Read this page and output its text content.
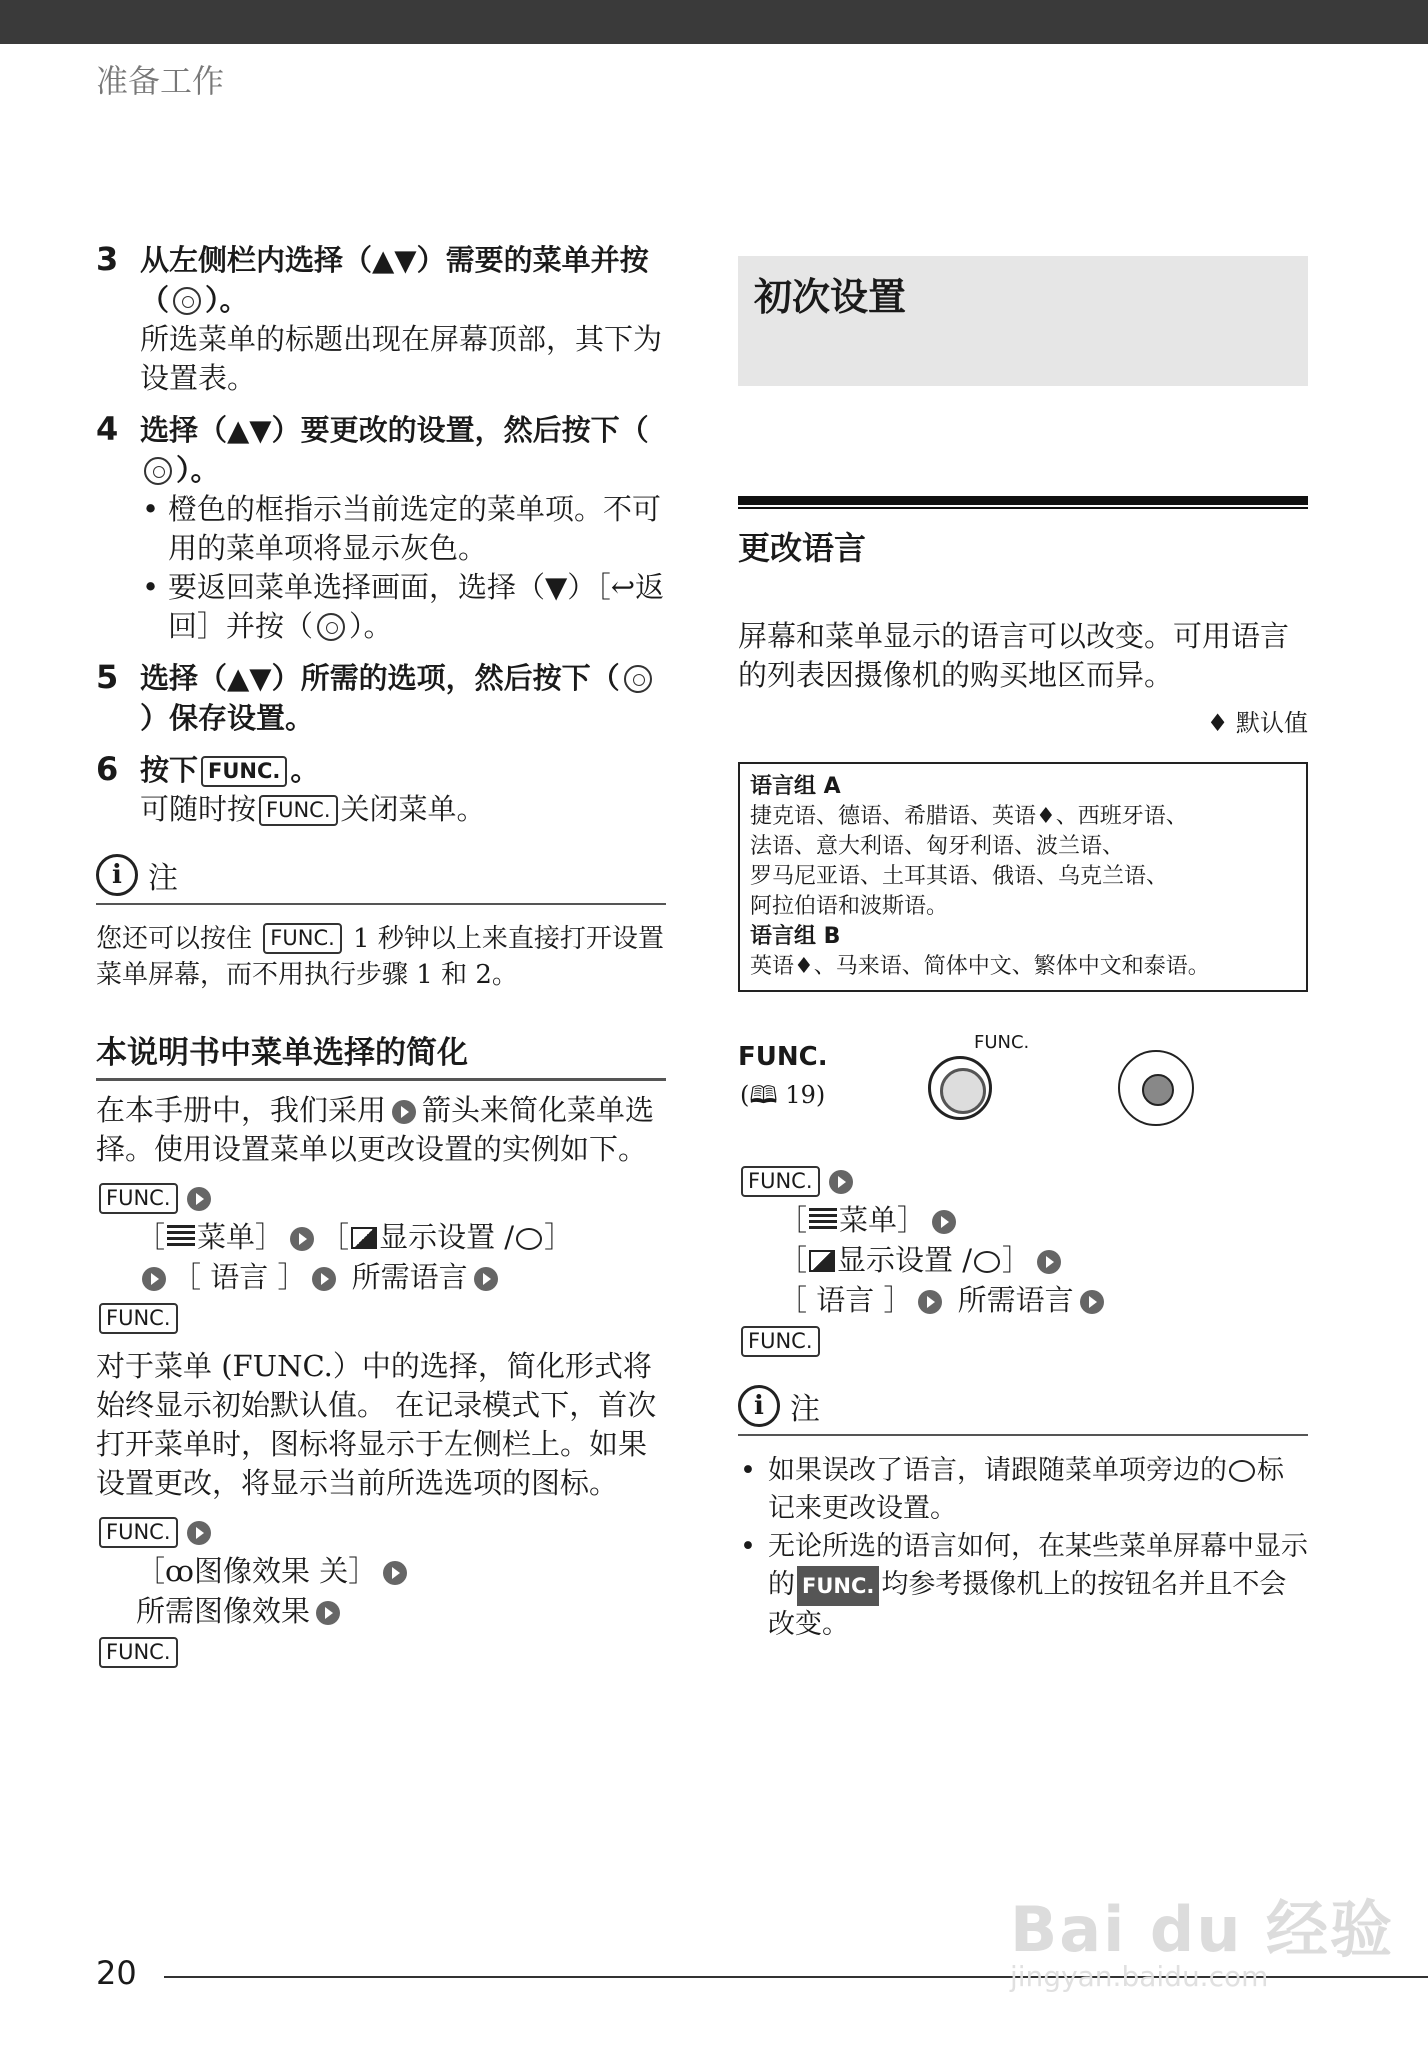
准备工作
3 从左侧栏内选择（▲▼）需要的菜单并按（ ）。
所选菜单的标题出现在屏幕顶部，其下为设置表。
4 选择（▲▼）要更改的设置，然后按下（）。
• 橙色的框指示当前选定的菜单项。不可用的菜单项将显示灰色。
• 要返回菜单选择画面，选择（▼）［↩返回］并按（ ）。
5 选择（▲▼）所需的选项，然后按下（）保存设置。
6 按下 FUNC. 。
可随时按 FUNC. 关闭菜单。
i 注
您还可以按住 FUNC. 1 秒钟以上来直接打开设置菜单屏幕，而不用执行步骤 1 和 2。
本说明书中菜单选择的简化
在本手册中，我们采用 箭头来简化菜单选择。使用设置菜单以更改设置的实例如下。
FUNC.
［ 菜单］ ［ 显示设置 / ］
［ 语言 ］ 所需语言
FUNC.
对于菜单 (FUNC.）中的选择，简化形式将始终显示初始默认值。 在记录模式下，首次打开菜单时，图标将显示于左侧栏上。如果设置更改，将显示当前所选选项的图标。
FUNC.
［ꝏ图像效果 关］
所需图像效果
FUNC.
初次设置
更改语言
屏幕和菜单显示的语言可以改变。可用语言的列表因摄像机的购买地区而异。
♦ 默认值
语言组 A
捷克语、德语、希腊语、英语♦、西班牙语、
法语、意大利语、匈牙利语、波兰语、
罗马尼亚语、土耳其语、俄语、乌克兰语、
阿拉伯语和波斯语。
语言组 B
英语♦、马来语、简体中文、繁体中文和泰语。
FUNC.
(🕮 19)
FUNC.
FUNC.
［ 菜单］
［ 显示设置 / ］
［ 语言 ］ 所需语言
FUNC.
i 注
• 如果误改了语言，请跟随菜单项旁边的 标记来更改设置。
• 无论所选的语言如何，在某些菜单屏幕中显示的 FUNC. 均参考摄像机上的按钮名并且不会改变。
20
Bai du 经验
jingyan.baidu.com
